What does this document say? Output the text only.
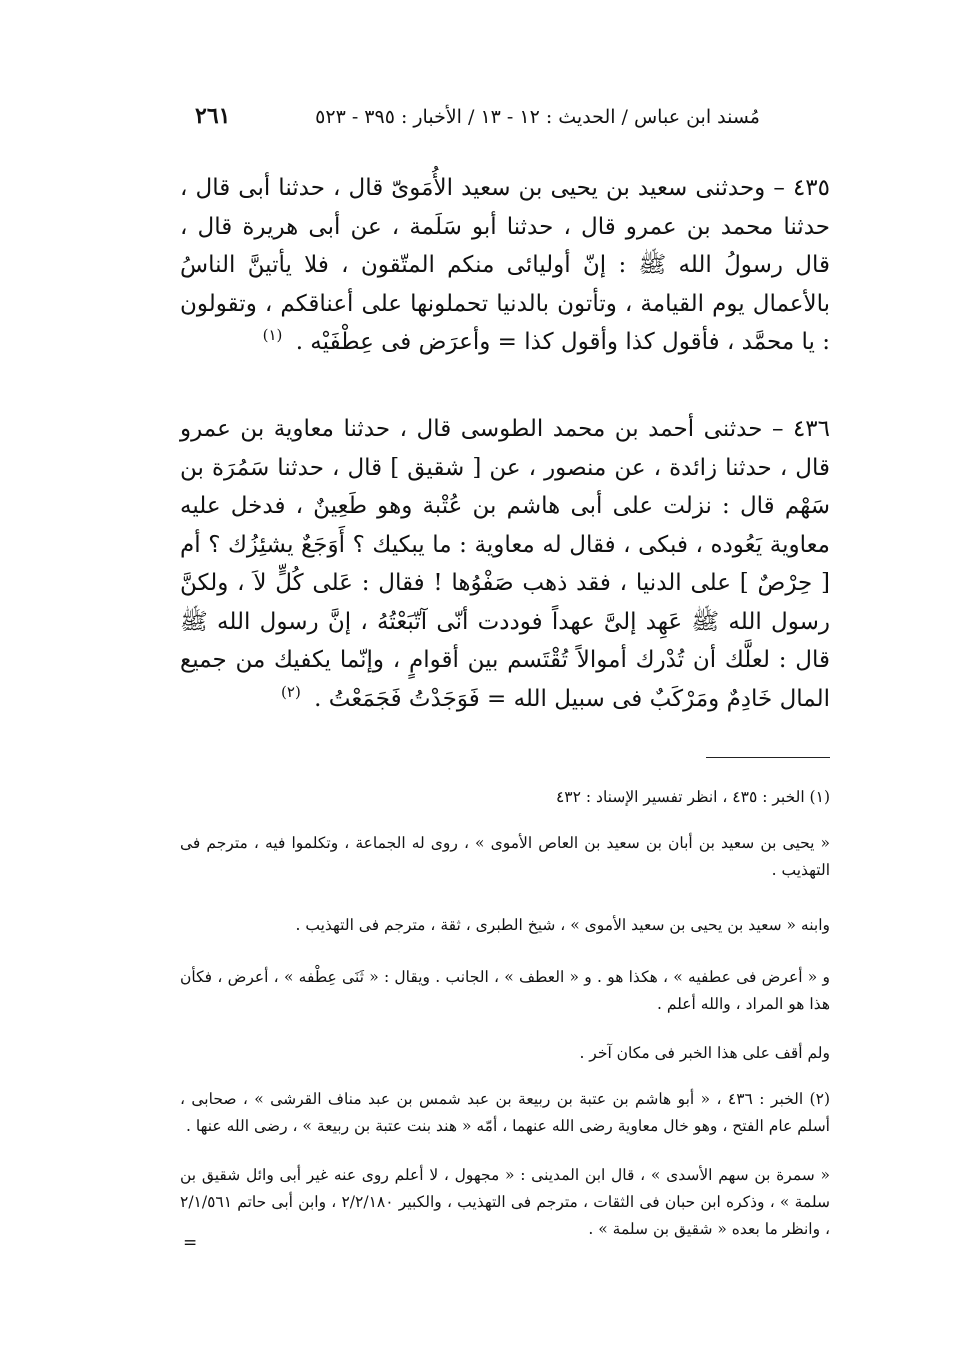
مُسند ابن عباس / الحديث : ١٢ - ١٣ / الأخبار : ٣٩٥ - ٥٢٣
٢٦١
٤٣٥ – وحدثنى سعيد بن يحيى بن سعيد الأُمَوىّ قال ، حدثنا أبى قال ، حدثنا محمد بن عمرو قال ، حدثنا أبو سَلَمة ، عن أبى هريرة قال ، قال رسولُ الله ﷺ : إنّ أوليائى منكم المتّقون ، فلا يأتينَّ الناسُ بالأعمال يوم القيامة ، وتأتون بالدنيا تحملونها على أعناقكم ، وتقولون : يا محمَّد ، فأقول كذا وأقول كذا = وأعرَض فى عِطْفَيْه . $^{(١)}$
٤٣٦ – حدثنى أحمد بن محمد الطوسى قال ، حدثنا معاوية بن عمرو قال ، حدثنا زائدة ، عن منصور ، عن [ شقيق ] قال ، حدثنا سَمُرَة بن سَهْم قال : نزلت على أبى هاشم بن عُتْبة وهو طَعِينٌ ، فدخل عليه معاوية يَعُوده ، فبكى ، فقال له معاوية : ما يبكيك ؟ أَوَجَعٌ يشئِزُك ؟ أم [ حِرْصٌ ] على الدنيا ، فقد ذهب صَفْوُها ! فقال : عَلى كُلٍّ لاَ ، ولكنَّ رسول الله ﷺ عَهِد إلىَّ عهداً فوددت أنّى آتّبَعْتُهُ ، إنَّ رسول الله ﷺ قال : لعلَّك أن تُدْرك أموالاً تُقْتَسم بين أقوامٍ ، وإنّما يكفيك من جميع المال خَادِمٌ ومَرْكَبٌ فى سبيل الله = فَوَجَدْتُ فَجَمَعْتُ . $^{(٢)}$

(١) الخبر : ٤٣٥ ، انظر تفسير الإسناد : ٤٣٢

« يحيى بن سعيد بن أبان بن سعيد بن العاص الأموى » ، روى له الجماعة ، وتكلموا فيه ، مترجم فى التهذيب .

وابنه « سعيد بن يحيى بن سعيد الأموى » ، شيخ الطبرى ، ثقة ، مترجم فى التهذيب .

و « أعرض فى عطفيه » ، هكذا هو . و « العطف » ، الجانب . ويقال : « ثَنَى عِطْفه » ، أعرض ، فكأن هذا هو المراد ، والله أعلم .

ولم أقف على هذا الخبر فى مكان آخر .

(٢) الخبر : ٤٣٦ ، « أبو هاشم بن عتبة بن ربيعة بن عبد شمس بن عبد مناف القرشى » ، صحابى ، أسلم عام الفتح ، وهو خال معاوية رضى الله عنهما ، أمّه « هند بنت عتبة بن ربيعة » ، رضى الله عنها .

« سمرة بن سهم الأسدى » ، قال ابن المدينى : « مجهول ، لا أعلم روى عنه غير أبى وائل شقيق بن سلمة » ، وذكره ابن حبان فى الثقات ، مترجم فى التهذيب ، والكبير ٢/٢/١٨٠ ، وابن أبى حاتم ٢/١/٥٦١ ، وانظر ما بعده « شقيق بن سلمة » .

=
